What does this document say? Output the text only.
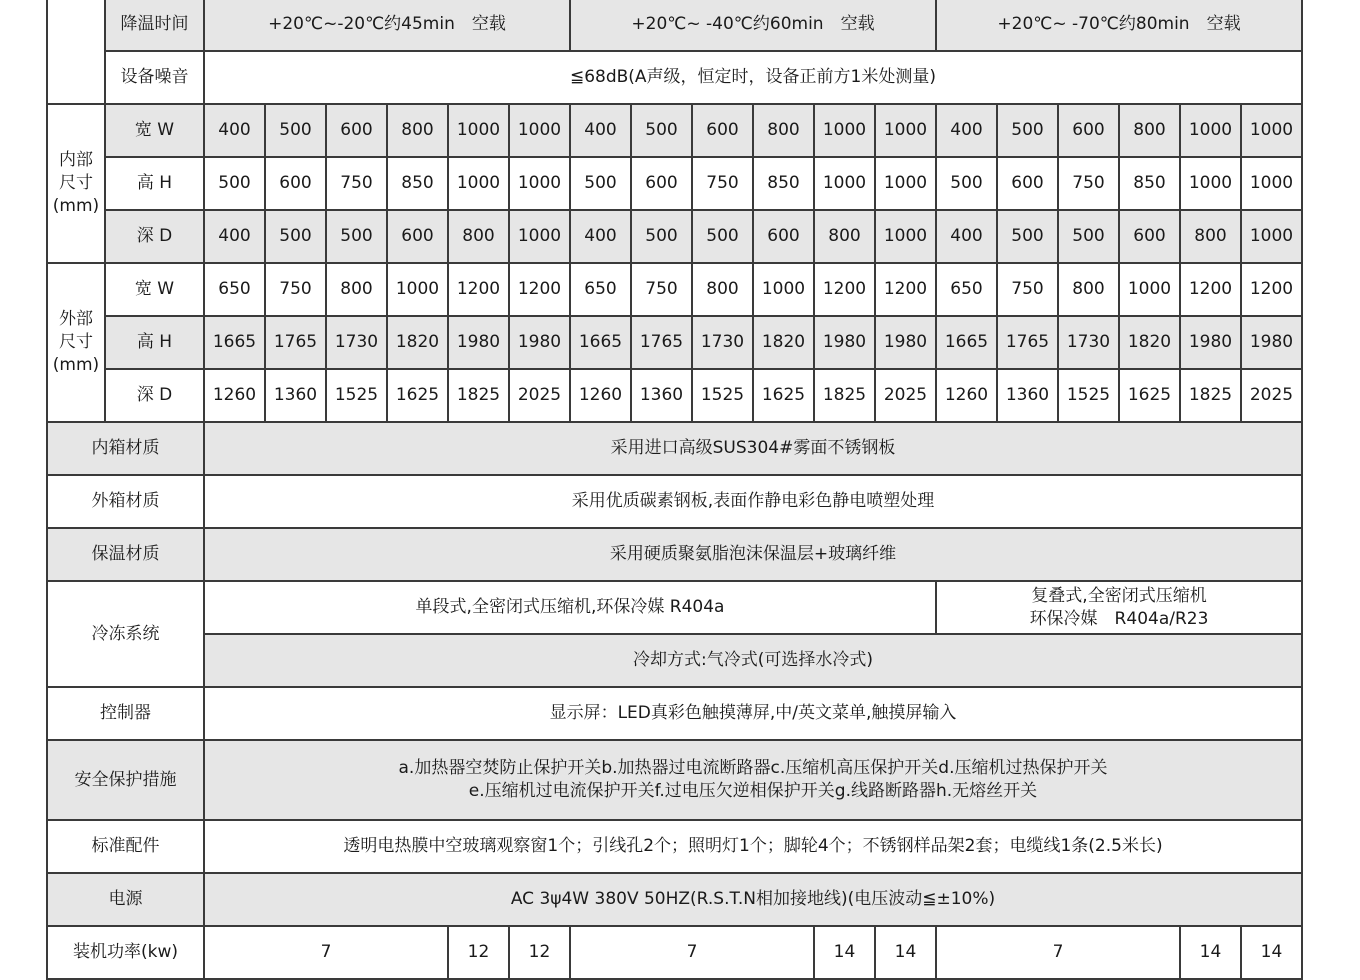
	降温时间	+20℃~-20℃约45min　空载						+20℃~ -40℃约60min　空载						+20℃~ -70℃约80min　空载					
	设备噪音	≦68dB(A声级，恒定时，设备正前方1米处测量)																	
内部
尺寸
(mm)	宽 W	400	500	600	800	1000	1000	400	500	600	800	1000	1000	400	500	600	800	1000	1000
	高 H	500	600	750	850	1000	1000	500	600	750	850	1000	1000	500	600	750	850	1000	1000
	深 D	400	500	500	600	800	1000	400	500	500	600	800	1000	400	500	500	600	800	1000
外部
尺寸
(mm)	宽 W	650	750	800	1000	1200	1200	650	750	800	1000	1200	1200	650	750	800	1000	1200	1200
	高 H	1665	1765	1730	1820	1980	1980	1665	1765	1730	1820	1980	1980	1665	1765	1730	1820	1980	1980
	深 D	1260	1360	1525	1625	1825	2025	1260	1360	1525	1625	1825	2025	1260	1360	1525	1625	1825	2025
内箱材质		采用进口高级SUS304#雾面不锈钢板																	
外箱材质		采用优质碳素钢板,表面作静电彩色静电喷塑处理																	
保温材质		采用硬质聚氨脂泡沫保温层+玻璃纤维																	
冷冻系统		单段式,全密闭式压缩机,环保冷媒 R404a												复叠式,全密闭式压缩机
环保冷媒　R404a/R23					
		冷却方式:气冷式(可选择水冷式)																	
控制器		显示屏：LED真彩色触摸薄屏,中/英文菜单,触摸屏输入																	
安全保护措施		a.加热器空焚防止保护开关b.加热器过电流断路器c.压缩机高压保护开关d.压缩机过热保护开关
e.压缩机过电流保护开关f.过电压欠逆相保护开关g.线路断路器h.无熔丝开关																	
标准配件		透明电热膜中空玻璃观察窗1个；引线孔2个；照明灯1个；脚轮4个；不锈钢样品架2套；电缆线1条(2.5米长)																	
电源		AC 3ψ4W 380V 50HZ(R.S.T.N相加接地线)(电压波动≦±10%)																	
装机功率(kw)		7				12	12	7				14	14	7				14	14
